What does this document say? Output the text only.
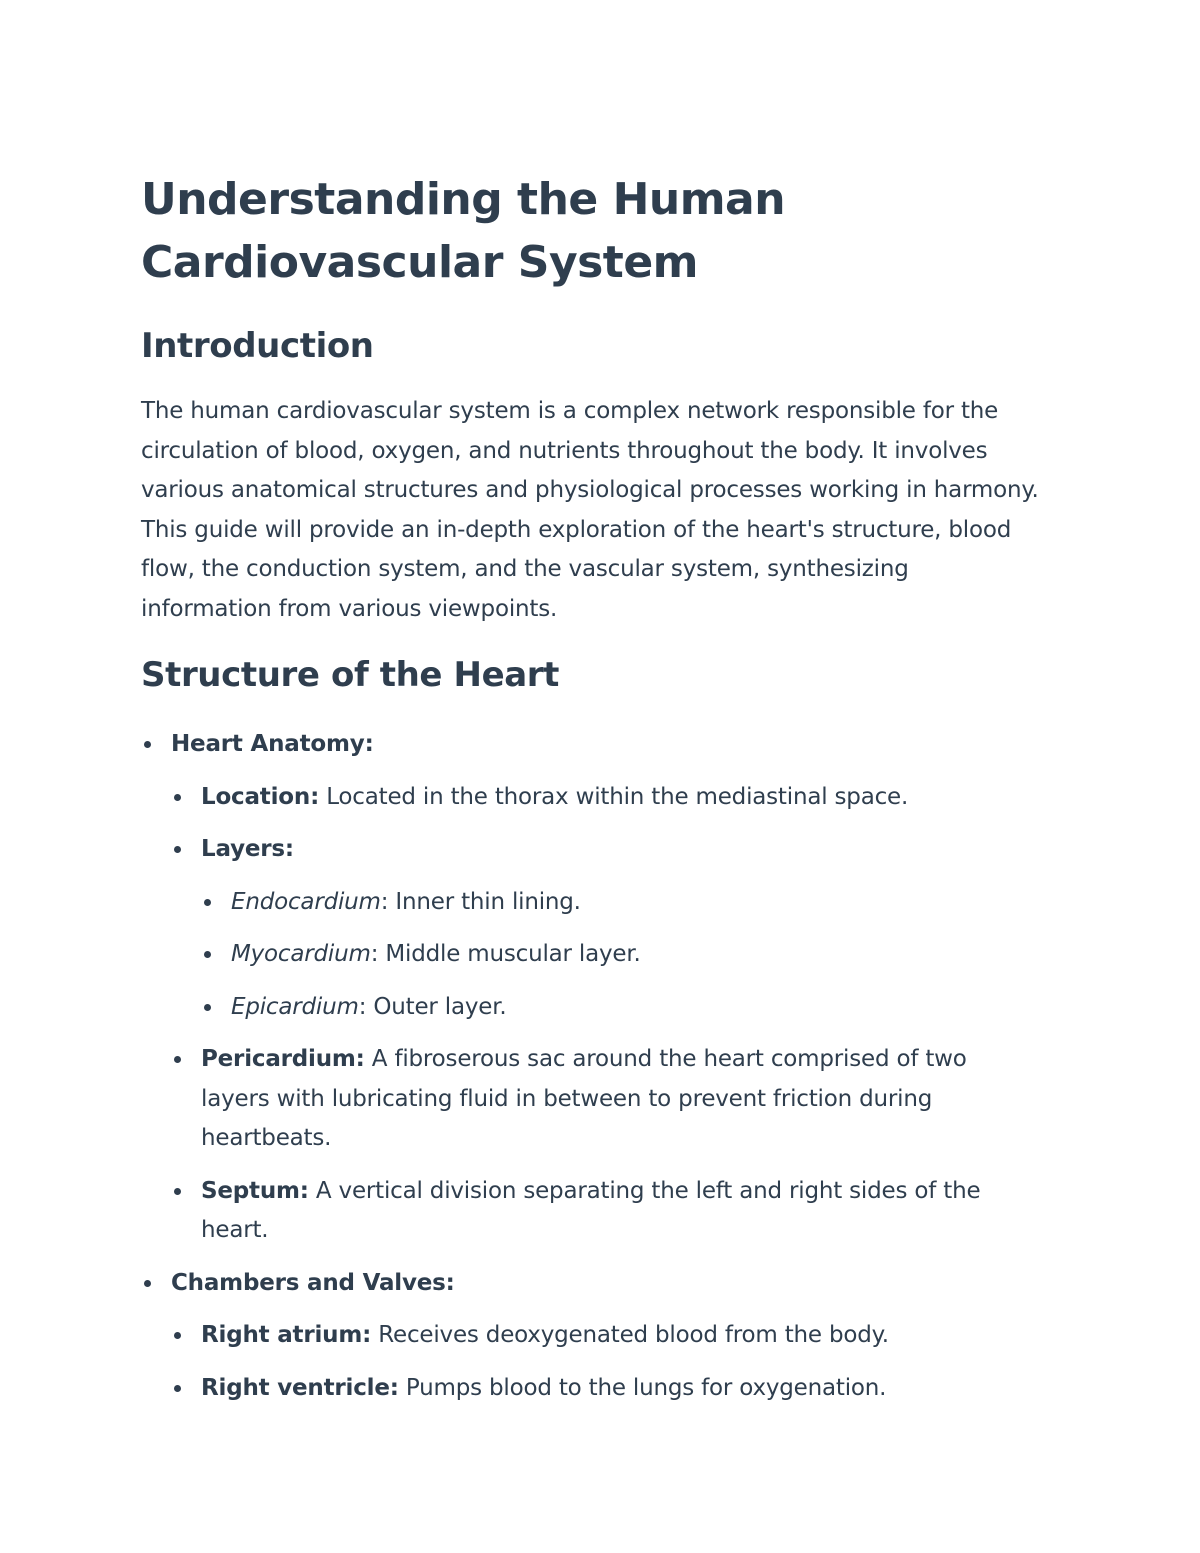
Understanding the Human
Cardiovascular System
Introduction

The human cardiovascular system is a complex network responsible for the circulation of blood, oxygen, and nutrients throughout the body. It involves various anatomical structures and physiological processes working in harmony. This guide will provide an in-depth exploration of the heart's structure, blood flow, the conduction system, and the vascular system, synthesizing information from various viewpoints.

Structure of the Heart
Heart Anatomy:
Location: Located in the thorax within the mediastinal space.
Layers:
Endocardium: Inner thin lining.
Myocardium: Middle muscular layer.
Epicardium: Outer layer.
Pericardium: A fibroserous sac around the heart comprised of two layers with lubricating fluid in between to prevent friction during heartbeats.
Septum: A vertical division separating the left and right sides of the heart.
Chambers and Valves:
Right atrium: Receives deoxygenated blood from the body.
Right ventricle: Pumps blood to the lungs for oxygenation.
